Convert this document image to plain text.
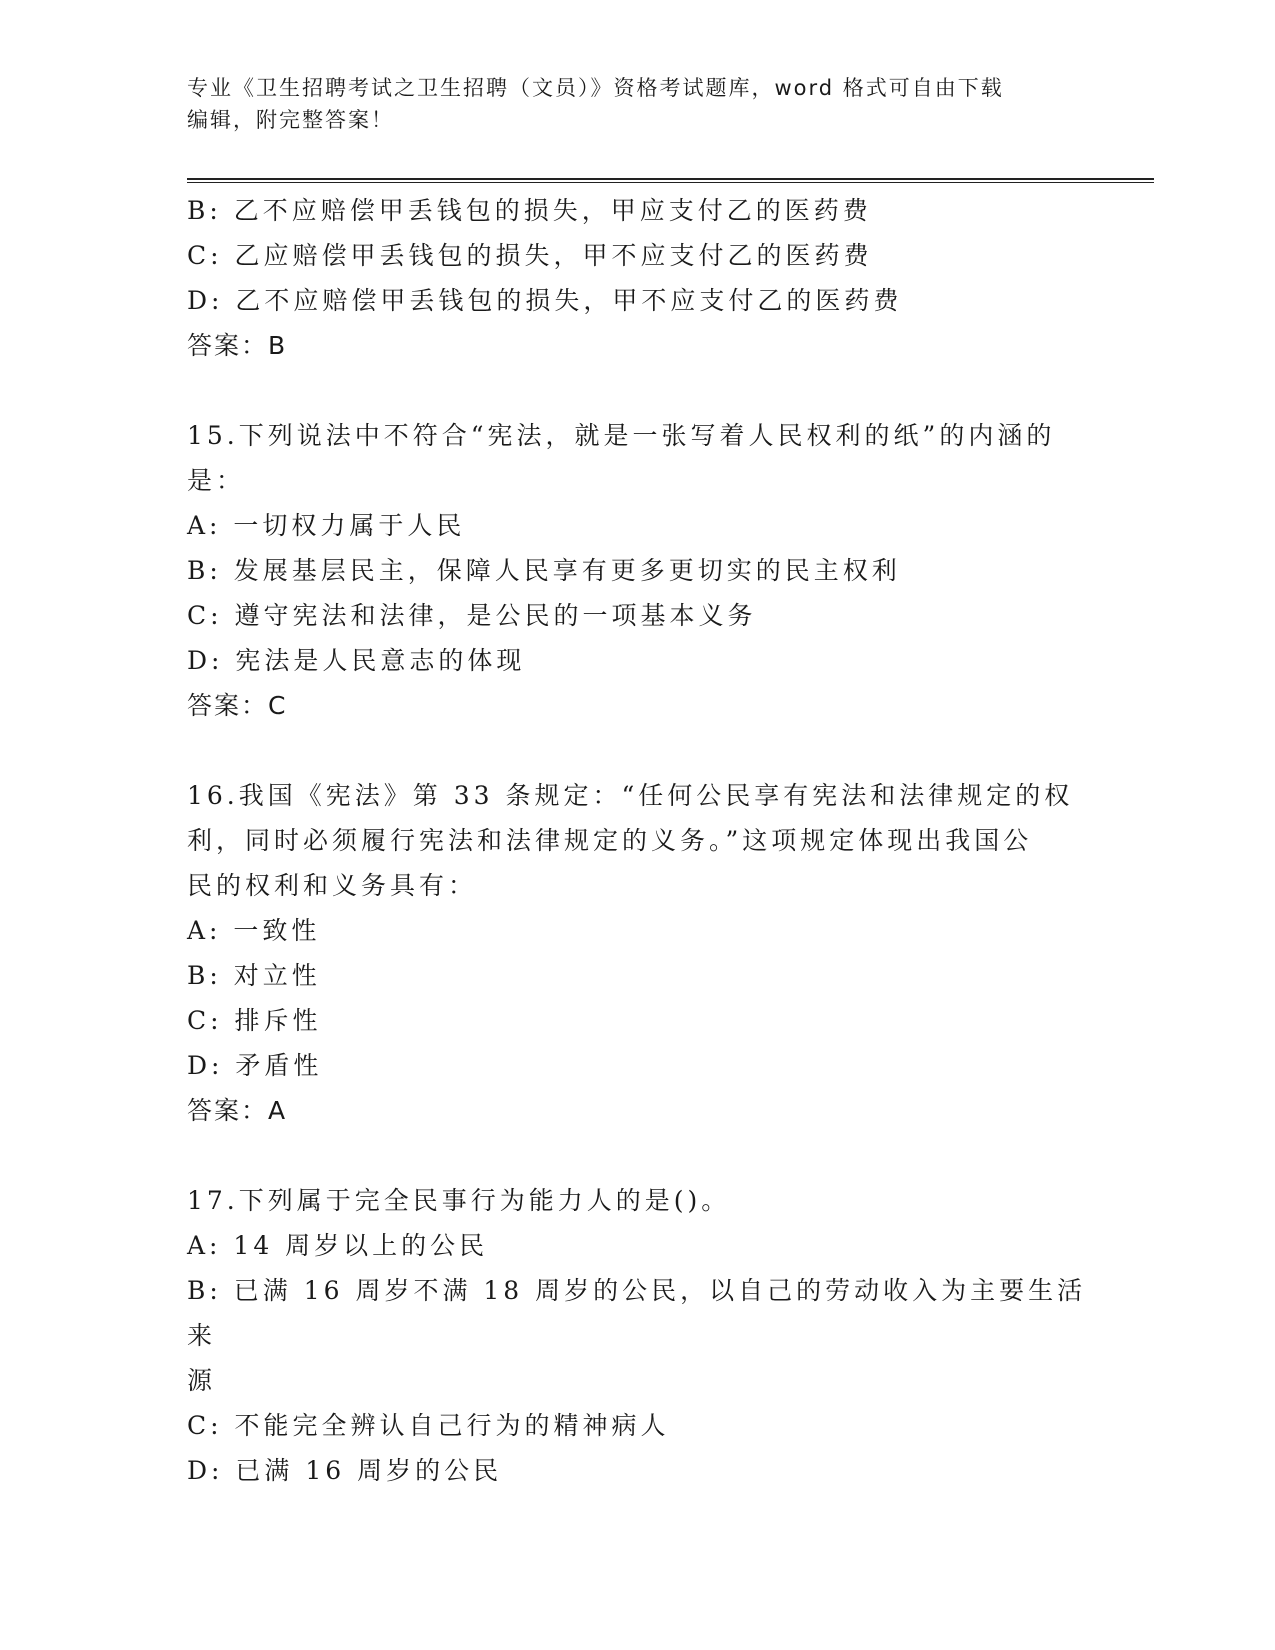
专业《卫生招聘考试之卫生招聘（文员）》资格考试题库，word 格式可自由下载
编辑，附完整答案！
B: 乙不应赔偿甲丢钱包的损失，甲应支付乙的医药费
C: 乙应赔偿甲丢钱包的损失，甲不应支付乙的医药费
D: 乙不应赔偿甲丢钱包的损失，甲不应支付乙的医药费
答案：B
15.下列说法中不符合“宪法，就是一张写着人民权利的纸”的内涵的
是：
A: 一切权力属于人民
B: 发展基层民主，保障人民享有更多更切实的民主权利
C: 遵守宪法和法律，是公民的一项基本义务
D: 宪法是人民意志的体现
答案：C
16.我国《宪法》第 33 条规定：“任何公民享有宪法和法律规定的权
利，同时必须履行宪法和法律规定的义务。”这项规定体现出我国公
民的权利和义务具有：
A: 一致性
B: 对立性
C: 排斥性
D: 矛盾性
答案：A
17.下列属于完全民事行为能力人的是()。
A: 14 周岁以上的公民
B: 已满 16 周岁不满 18 周岁的公民，以自己的劳动收入为主要生活来
源
C: 不能完全辨认自己行为的精神病人
D: 已满 16 周岁的公民
